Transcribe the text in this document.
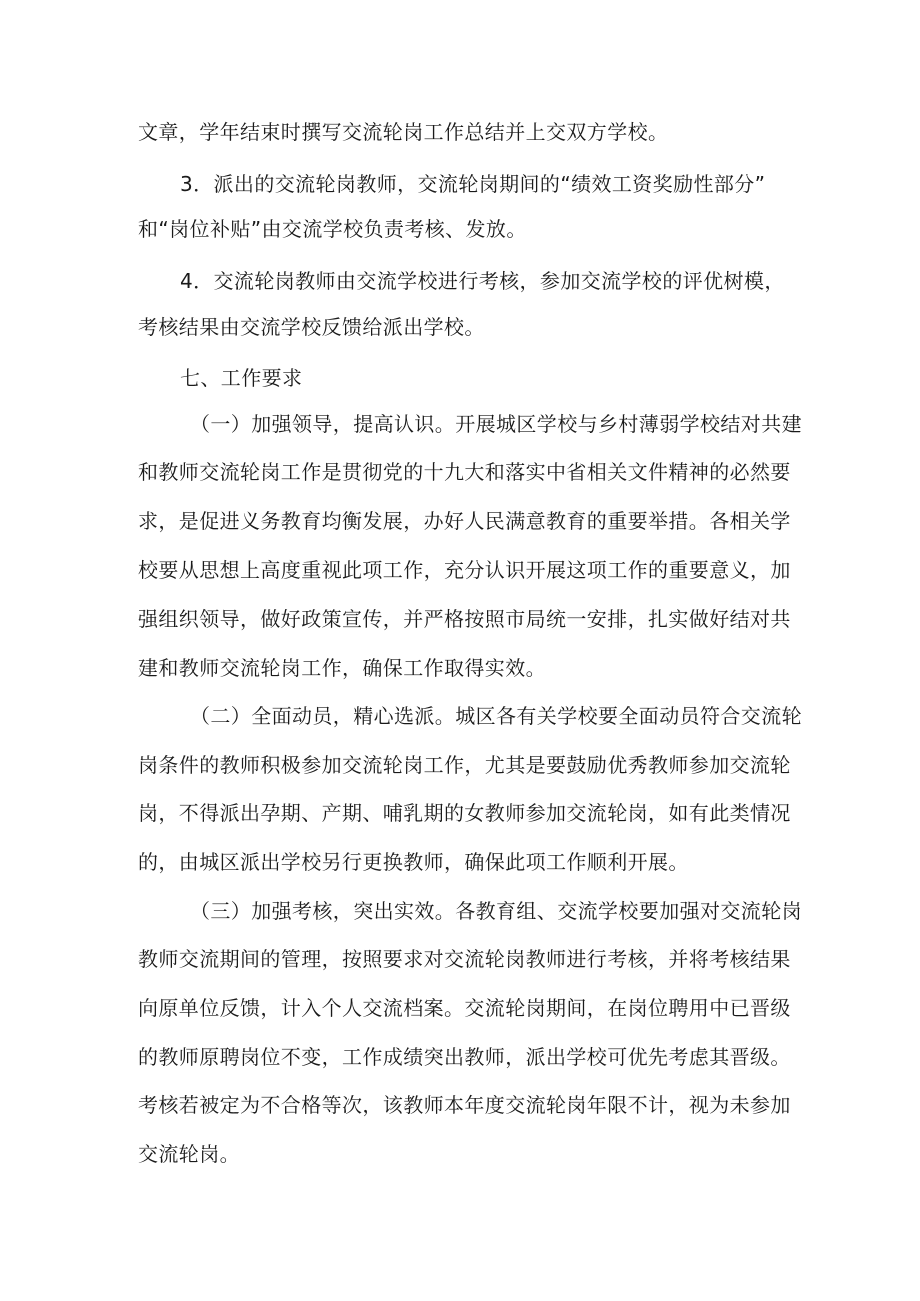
文章，学年结束时撰写交流轮岗工作总结并上交双方学校。
3．派出的交流轮岗教师，交流轮岗期间的“绩效工资奖励性部分”
和“岗位补贴”由交流学校负责考核、发放。
4．交流轮岗教师由交流学校进行考核，参加交流学校的评优树模，
考核结果由交流学校反馈给派出学校。
七、工作要求
（一）加强领导，提高认识。开展城区学校与乡村薄弱学校结对共建
和教师交流轮岗工作是贯彻党的十九大和落实中省相关文件精神的必然要
求，是促进义务教育均衡发展，办好人民满意教育的重要举措。各相关学
校要从思想上高度重视此项工作，充分认识开展这项工作的重要意义，加
强组织领导，做好政策宣传，并严格按照市局统一安排，扎实做好结对共
建和教师交流轮岗工作，确保工作取得实效。
（二）全面动员，精心选派。城区各有关学校要全面动员符合交流轮
岗条件的教师积极参加交流轮岗工作，尤其是要鼓励优秀教师参加交流轮
岗，不得派出孕期、产期、哺乳期的女教师参加交流轮岗，如有此类情况
的，由城区派出学校另行更换教师，确保此项工作顺利开展。
（三）加强考核，突出实效。各教育组、交流学校要加强对交流轮岗
教师交流期间的管理，按照要求对交流轮岗教师进行考核，并将考核结果
向原单位反馈，计入个人交流档案。交流轮岗期间，在岗位聘用中已晋级
的教师原聘岗位不变，工作成绩突出教师，派出学校可优先考虑其晋级。
考核若被定为不合格等次，该教师本年度交流轮岗年限不计，视为未参加
交流轮岗。
